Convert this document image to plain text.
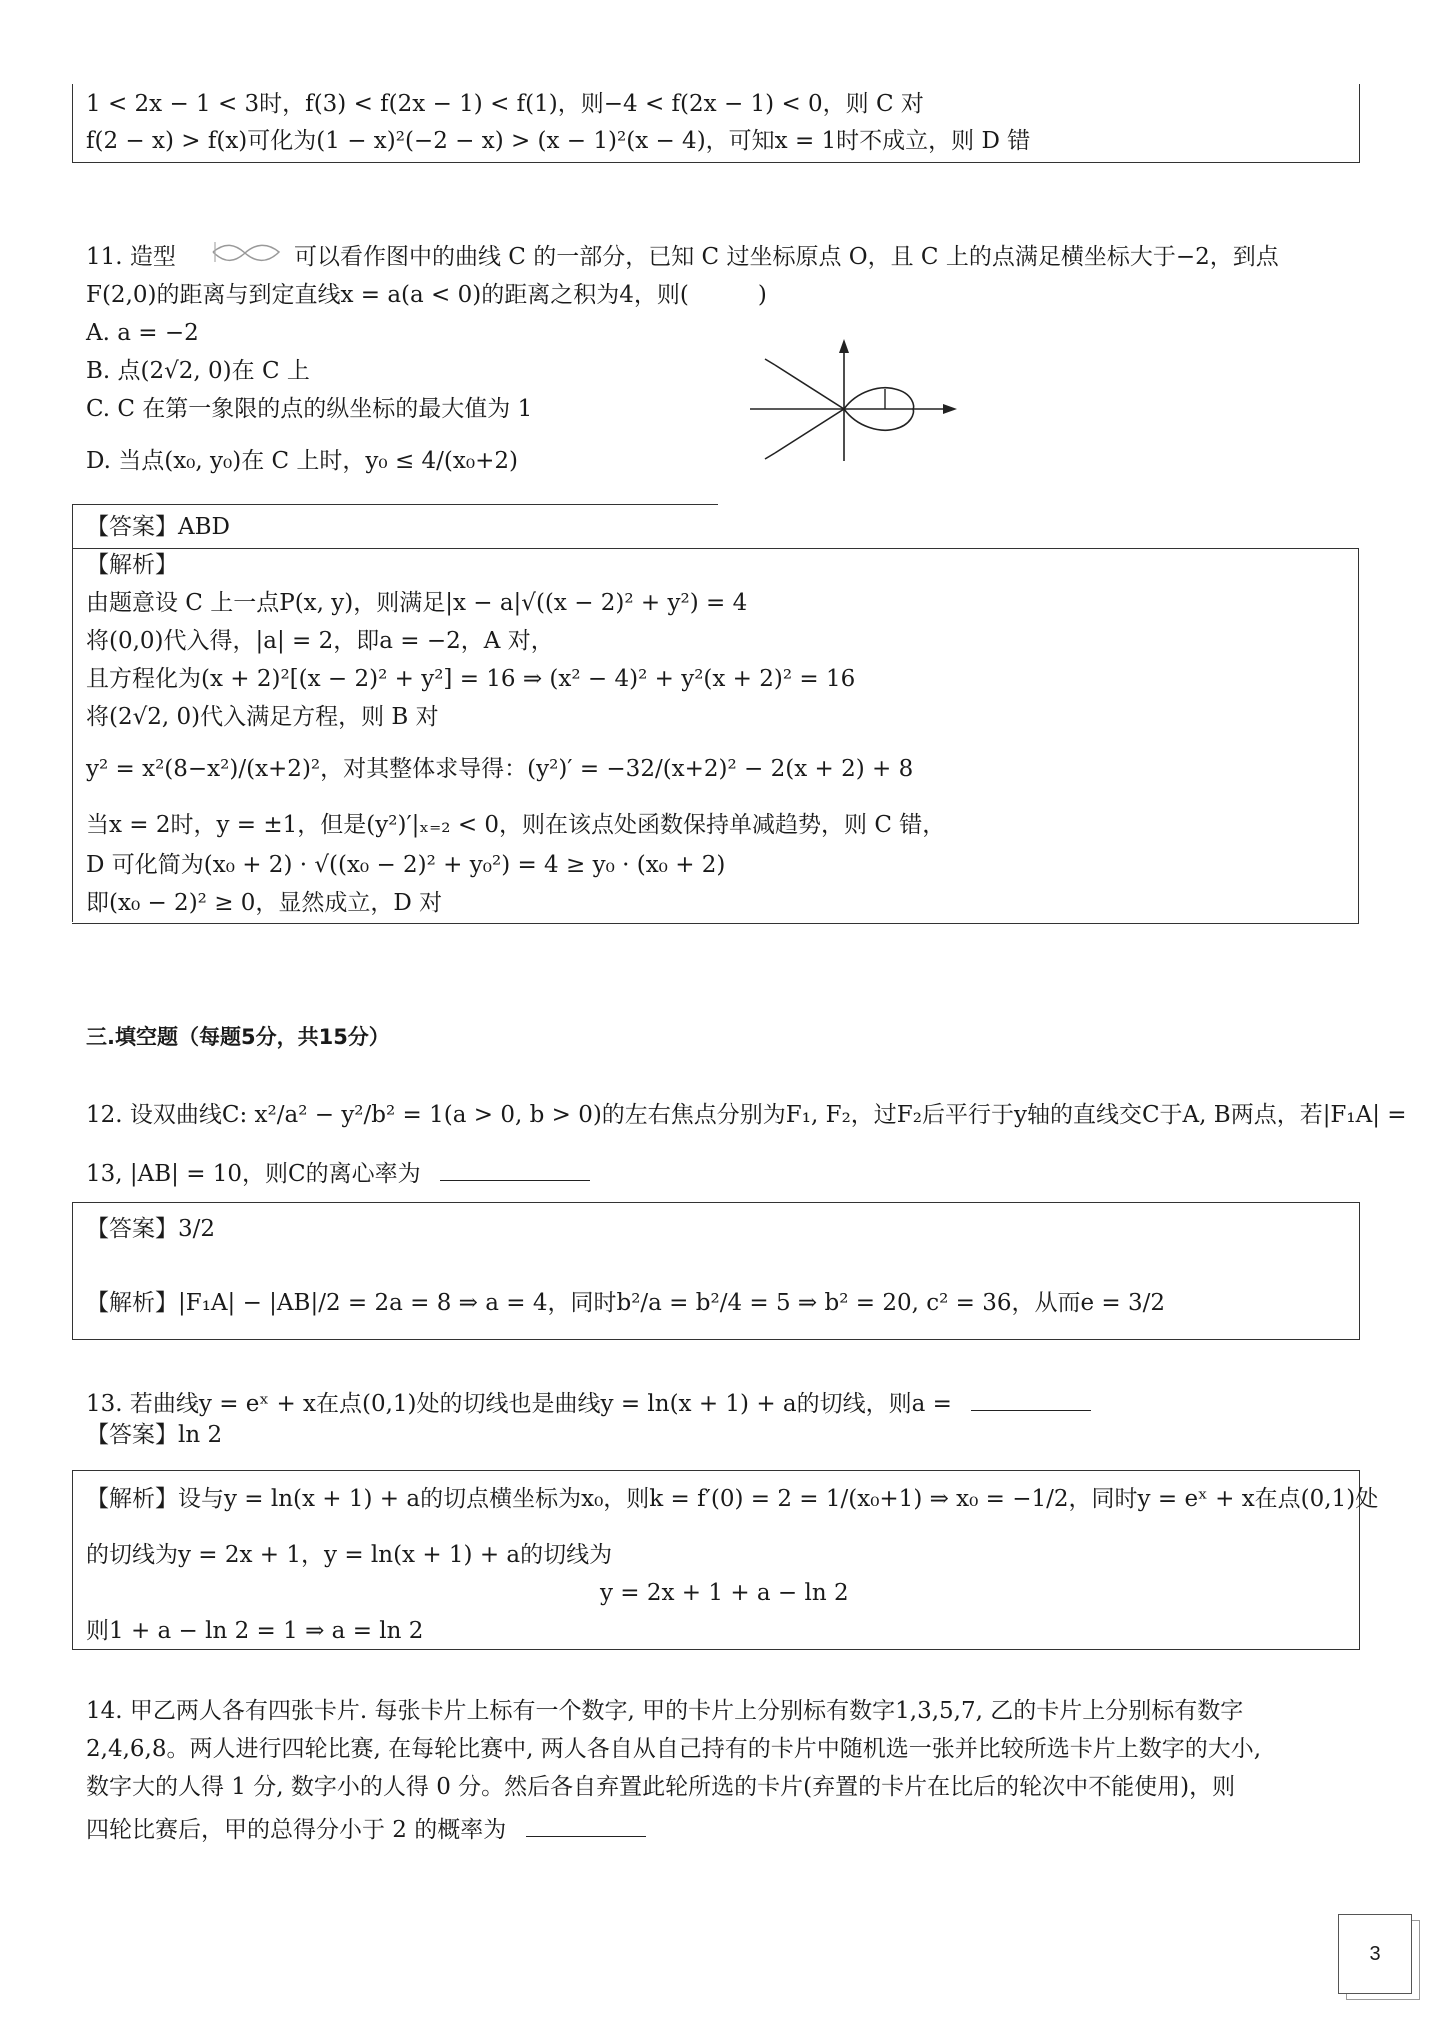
1 < 2x − 1 < 3时，f(3) < f(2x − 1) < f(1)，则−4 < f(2x − 1) < 0，则 C 对
f(2 − x) > f(x)可化为(1 − x)²(−2 − x) > (x − 1)²(x − 4)，可知x = 1时不成立，则 D 错
11. 造型	可以看作图中的曲线 C 的一部分，已知 C 过坐标原点 O，且 C 上的点满足横坐标大于−2，到点
F(2,0)的距离与到定直线x = a(a < 0)的距离之积为4，则(　　　)
A. a = −2
B. 点(2√2, 0)在 C 上
C. C 在第一象限的点的纵坐标的最大值为 1
D. 当点(x₀, y₀)在 C 上时，y₀ ≤ 4/(x₀+2)
【答案】ABD
【解析】
由题意设 C 上一点P(x, y)，则满足|x − a|√((x − 2)² + y²) = 4
将(0,0)代入得，|a| = 2，即a = −2，A 对，
且方程化为(x + 2)²[(x − 2)² + y²] = 16 ⇒ (x² − 4)² + y²(x + 2)² = 16
将(2√2, 0)代入满足方程，则 B 对
y² = x²(8−x²)/(x+2)²，对其整体求导得：(y²)′ = −32/(x+2)² − 2(x + 2) + 8
当x = 2时，y = ±1，但是(y²)′|ₓ₌₂ < 0，则在该点处函数保持单减趋势，则 C 错，
D 可化简为(x₀ + 2) · √((x₀ − 2)² + y₀²) = 4 ≥ y₀ · (x₀ + 2)
即(x₀ − 2)² ≥ 0，显然成立，D 对
三.填空题（每题5分，共15分）
12. 设双曲线C: x²/a² − y²/b² = 1(a > 0, b > 0)的左右焦点分别为F₁, F₂，过F₂后平行于y轴的直线交C于A, B两点，若|F₁A| =
13, |AB| = 10，则C的离心率为
【答案】3/2
【解析】|F₁A| − |AB|/2 = 2a = 8 ⇒ a = 4，同时b²/a = b²/4 = 5 ⇒ b² = 20, c² = 36，从而e = 3/2
13. 若曲线y = eˣ + x在点(0,1)处的切线也是曲线y = ln(x + 1) + a的切线，则a =
【答案】ln 2
【解析】设与y = ln(x + 1) + a的切点横坐标为x₀，则k = f′(0) = 2 = 1/(x₀+1) ⇒ x₀ = −1/2，同时y = eˣ + x在点(0,1)处
的切线为y = 2x + 1，y = ln(x + 1) + a的切线为
y = 2x + 1 + a − ln 2
则1 + a − ln 2 = 1 ⇒ a = ln 2
14. 甲乙两人各有四张卡片. 每张卡片上标有一个数字, 甲的卡片上分别标有数字1,3,5,7, 乙的卡片上分别标有数字
2,4,6,8。两人进行四轮比赛, 在每轮比赛中, 两人各自从自己持有的卡片中随机选一张并比较所选卡片上数字的大小,
数字大的人得 1 分, 数字小的人得 0 分。然后各自弃置此轮所选的卡片(弃置的卡片在比后的轮次中不能使用)，则
四轮比赛后，甲的总得分小于 2 的概率为
3
